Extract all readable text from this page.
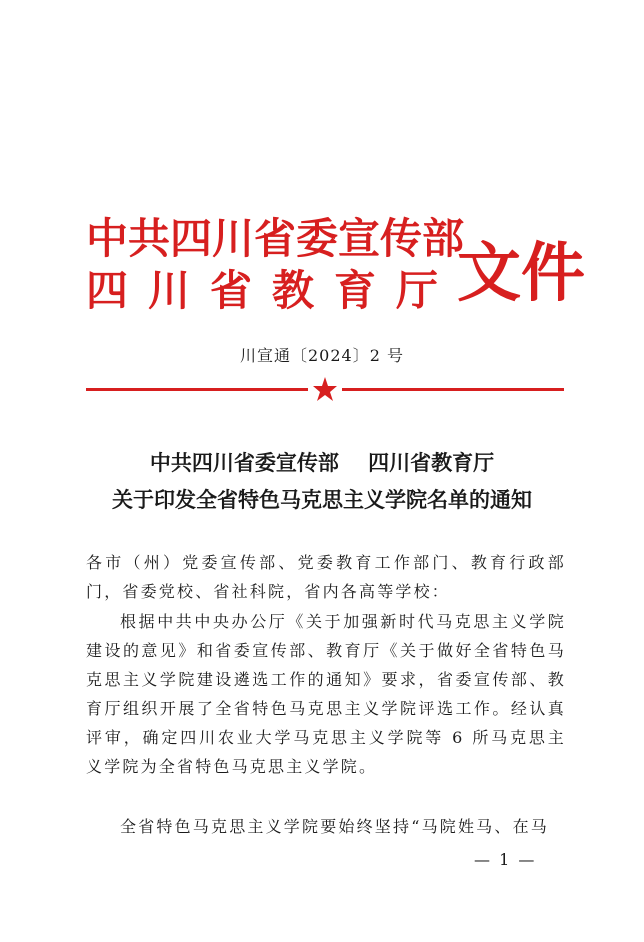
中共四川省委宣传部
四川省教育厅
文件
川宣通〔2024〕2 号
中共四川省委宣传部    四川省教育厅
关于印发全省特色马克思主义学院名单的通知
各市（州）党委宣传部、党委教育工作部门、教育行政部门，省委党校、省社科院，省内各高等学校：
根据中共中央办公厅《关于加强新时代马克思主义学院建设的意见》和省委宣传部、教育厅《关于做好全省特色马克思主义学院建设遴选工作的通知》要求，省委宣传部、教育厅组织开展了全省特色马克思主义学院评选工作。经认真评审，确定四川农业大学马克思主义学院等 6 所马克思主义学院为全省特色马克思主义学院。
全省特色马克思主义学院要始终坚持“马院姓马、在马
— 1 —
